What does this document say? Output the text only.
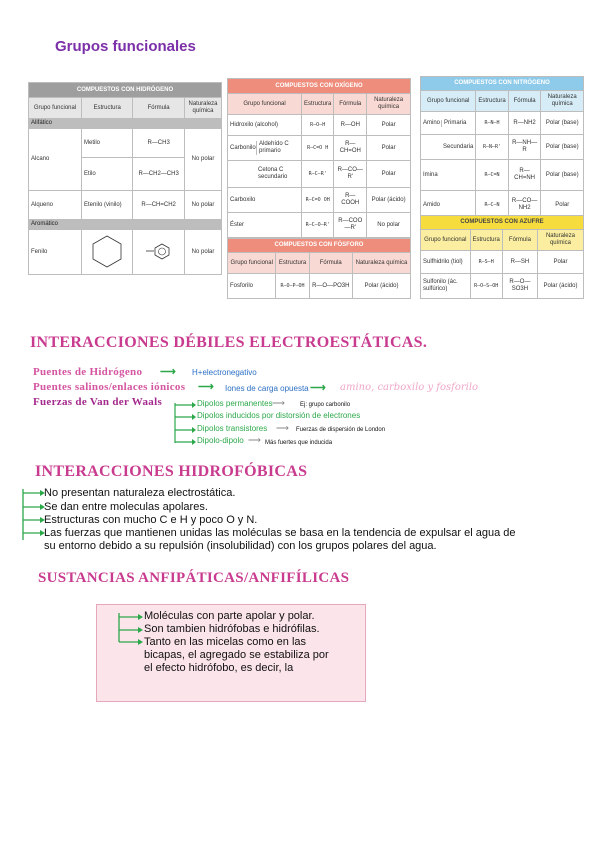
Grupos funcionales
COMPUESTOS CON HIDRÓGENO			
Grupo funcional	Estructura	Fórmula	Naturaleza química
Alifático			

Alcano	Metilo	R—CH3	No polar
	Etilo	R—CH2—CH3	
Alqueno	Etenilo (vinilo)	R—CH=CH2	No polar
Aromático			
Fenilo			No polar
COMPUESTOS CON OXÍGENO			
Grupo funcional	Estructura	Fórmula	Naturaleza química
Hidroxilo (alcohol)	R—O—H	R—OH	Polar

Carbonilo
Aldehído C primario	R—C=O H	R—CH=OH	Polar
Cetona C secundario	R—C—R'	R—CO—R'	Polar
Carboxilo	R—C=O OH	R—COOH	Polar (ácido)
Éster	R—C—O—R'	R—COO—R'	No polar
COMPUESTOS CON FÓSFORO			
Grupo funcional	Estructura	Fórmula	Naturaleza química
Fosforilo	R—O—P—OH	R—O—PO3H	Polar (ácido)
COMPUESTOS CON NITRÓGENO			
Grupo funcional	Estructura	Fórmula	Naturaleza química

Amino Primaria	R—N—H	R—NH2	Polar (base)
Secundaria	R—N—R'	R—NH—R	Polar (base)
Imina	R—C=N	R—CH=NH	Polar (base)
Amido	R—C—N	R—CO—NH2	Polar
COMPUESTOS CON AZUFRE			
Grupo funcional	Estructura	Fórmula	Naturaleza química
Sulfhidrilo (tiol)	R—S—H	R—SH	Polar
Sulfonilo (ác. sulfúrico)	R—O—S—OH	R—O—SO3H	Polar (ácido)
INTERACCIONES DÉBILES ELECTROESTÁTICAS.
Puentes de Hidrógeno ⟶ H+electronegativo
Puentes salinos/enlaces iónicos ⟶ Iones de carga opuesta ⟶ amino, carboxilo y fosforilo
Fuerzas de Van der Waals	Dipolos permanentes ⟶	Ej: grupo carbonilo
Dipolos inducidos por distorsión de electrones
Dipolos transistores ⟶ Fuerzas de dispersión de London
Dipolo-dipolo ⟶ Más fuertes que inducida
INTERACCIONES HIDROFÓBICAS
No presentan naturaleza electrostática.
Se dan entre moleculas apolares.
Estructuras con mucho C e H y poco O y N.
Las fuerzas que mantienen unidas las moléculas se basa en la tendencia de expulsar el agua de
su entorno debido a su repulsión (insolubilidad) con los grupos polares del agua.
SUSTANCIAS ANFIPÁTICAS/ANFIFÍLICAS
Moléculas con parte apolar y polar.
Son tambien hidrófobas e hidrófilas.
Tanto en las micelas como en las
bicapas, el agregado se estabiliza por
el efecto hidrófobo, es decir, la
